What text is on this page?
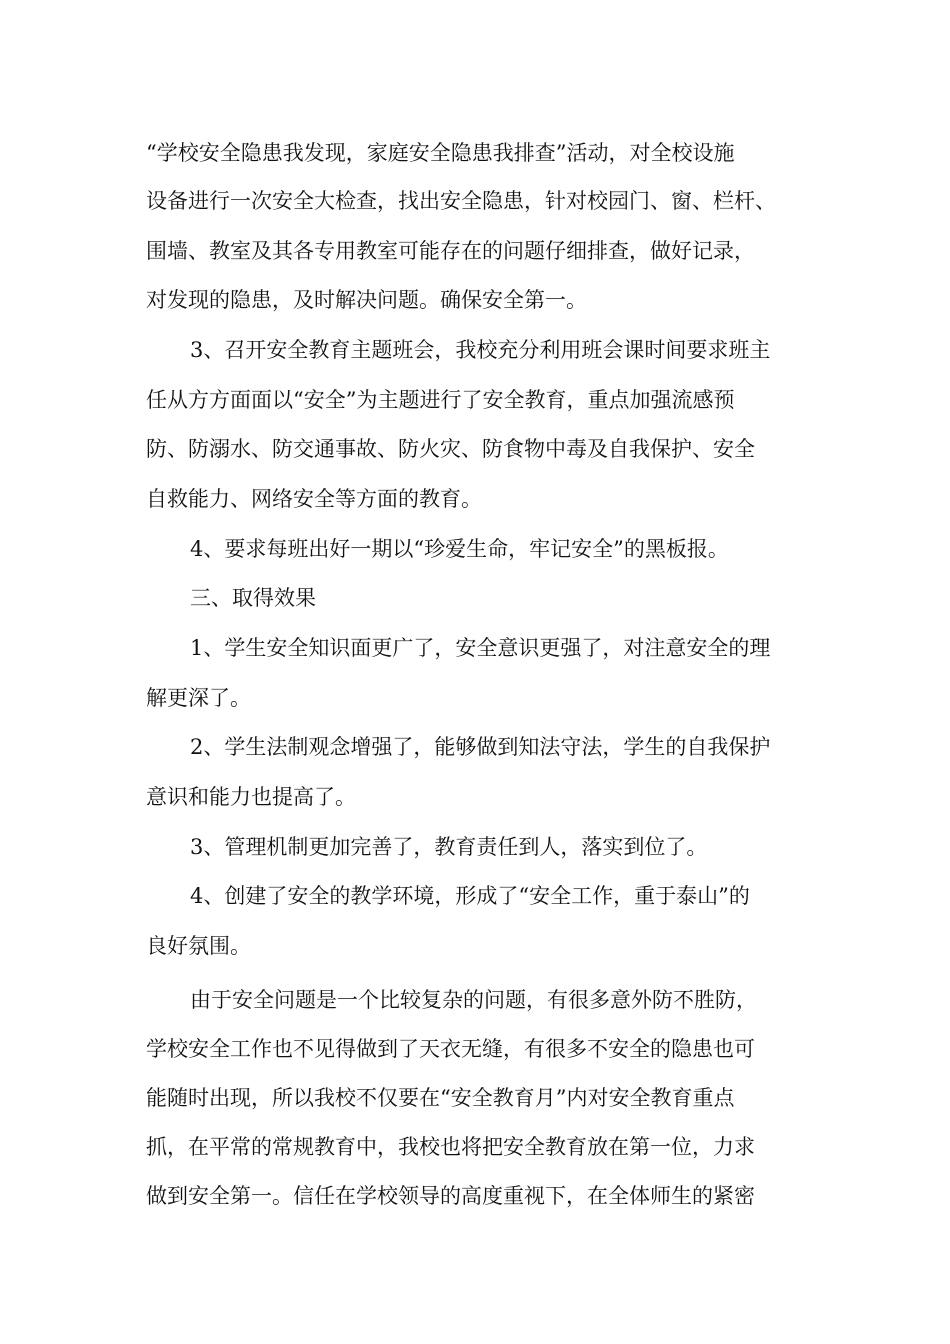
“学校安全隐患我发现，家庭安全隐患我排查”活动，对全校设施
设备进行一次安全大检查，找出安全隐患，针对校园门、窗、栏杆、
围墙、教室及其各专用教室可能存在的问题仔细排查，做好记录，
对发现的隐患，及时解决问题。确保安全第一。
3、召开安全教育主题班会，我校充分利用班会课时间要求班主
任从方方面面以“安全”为主题进行了安全教育，重点加强流感预
防、防溺水、防交通事故、防火灾、防食物中毒及自我保护、安全
自救能力、网络安全等方面的教育。
4、要求每班出好一期以“珍爱生命，牢记安全”的黑板报。
三、取得效果
1、学生安全知识面更广了，安全意识更强了，对注意安全的理
解更深了。
2、学生法制观念增强了，能够做到知法守法，学生的自我保护
意识和能力也提高了。
3、管理机制更加完善了，教育责任到人，落实到位了。
4、创建了安全的教学环境，形成了“安全工作，重于泰山”的
良好氛围。
由于安全问题是一个比较复杂的问题，有很多意外防不胜防，
学校安全工作也不见得做到了天衣无缝，有很多不安全的隐患也可
能随时出现，所以我校不仅要在“安全教育月”内对安全教育重点
抓，在平常的常规教育中，我校也将把安全教育放在第一位，力求
做到安全第一。信任在学校领导的高度重视下，在全体师生的紧密
